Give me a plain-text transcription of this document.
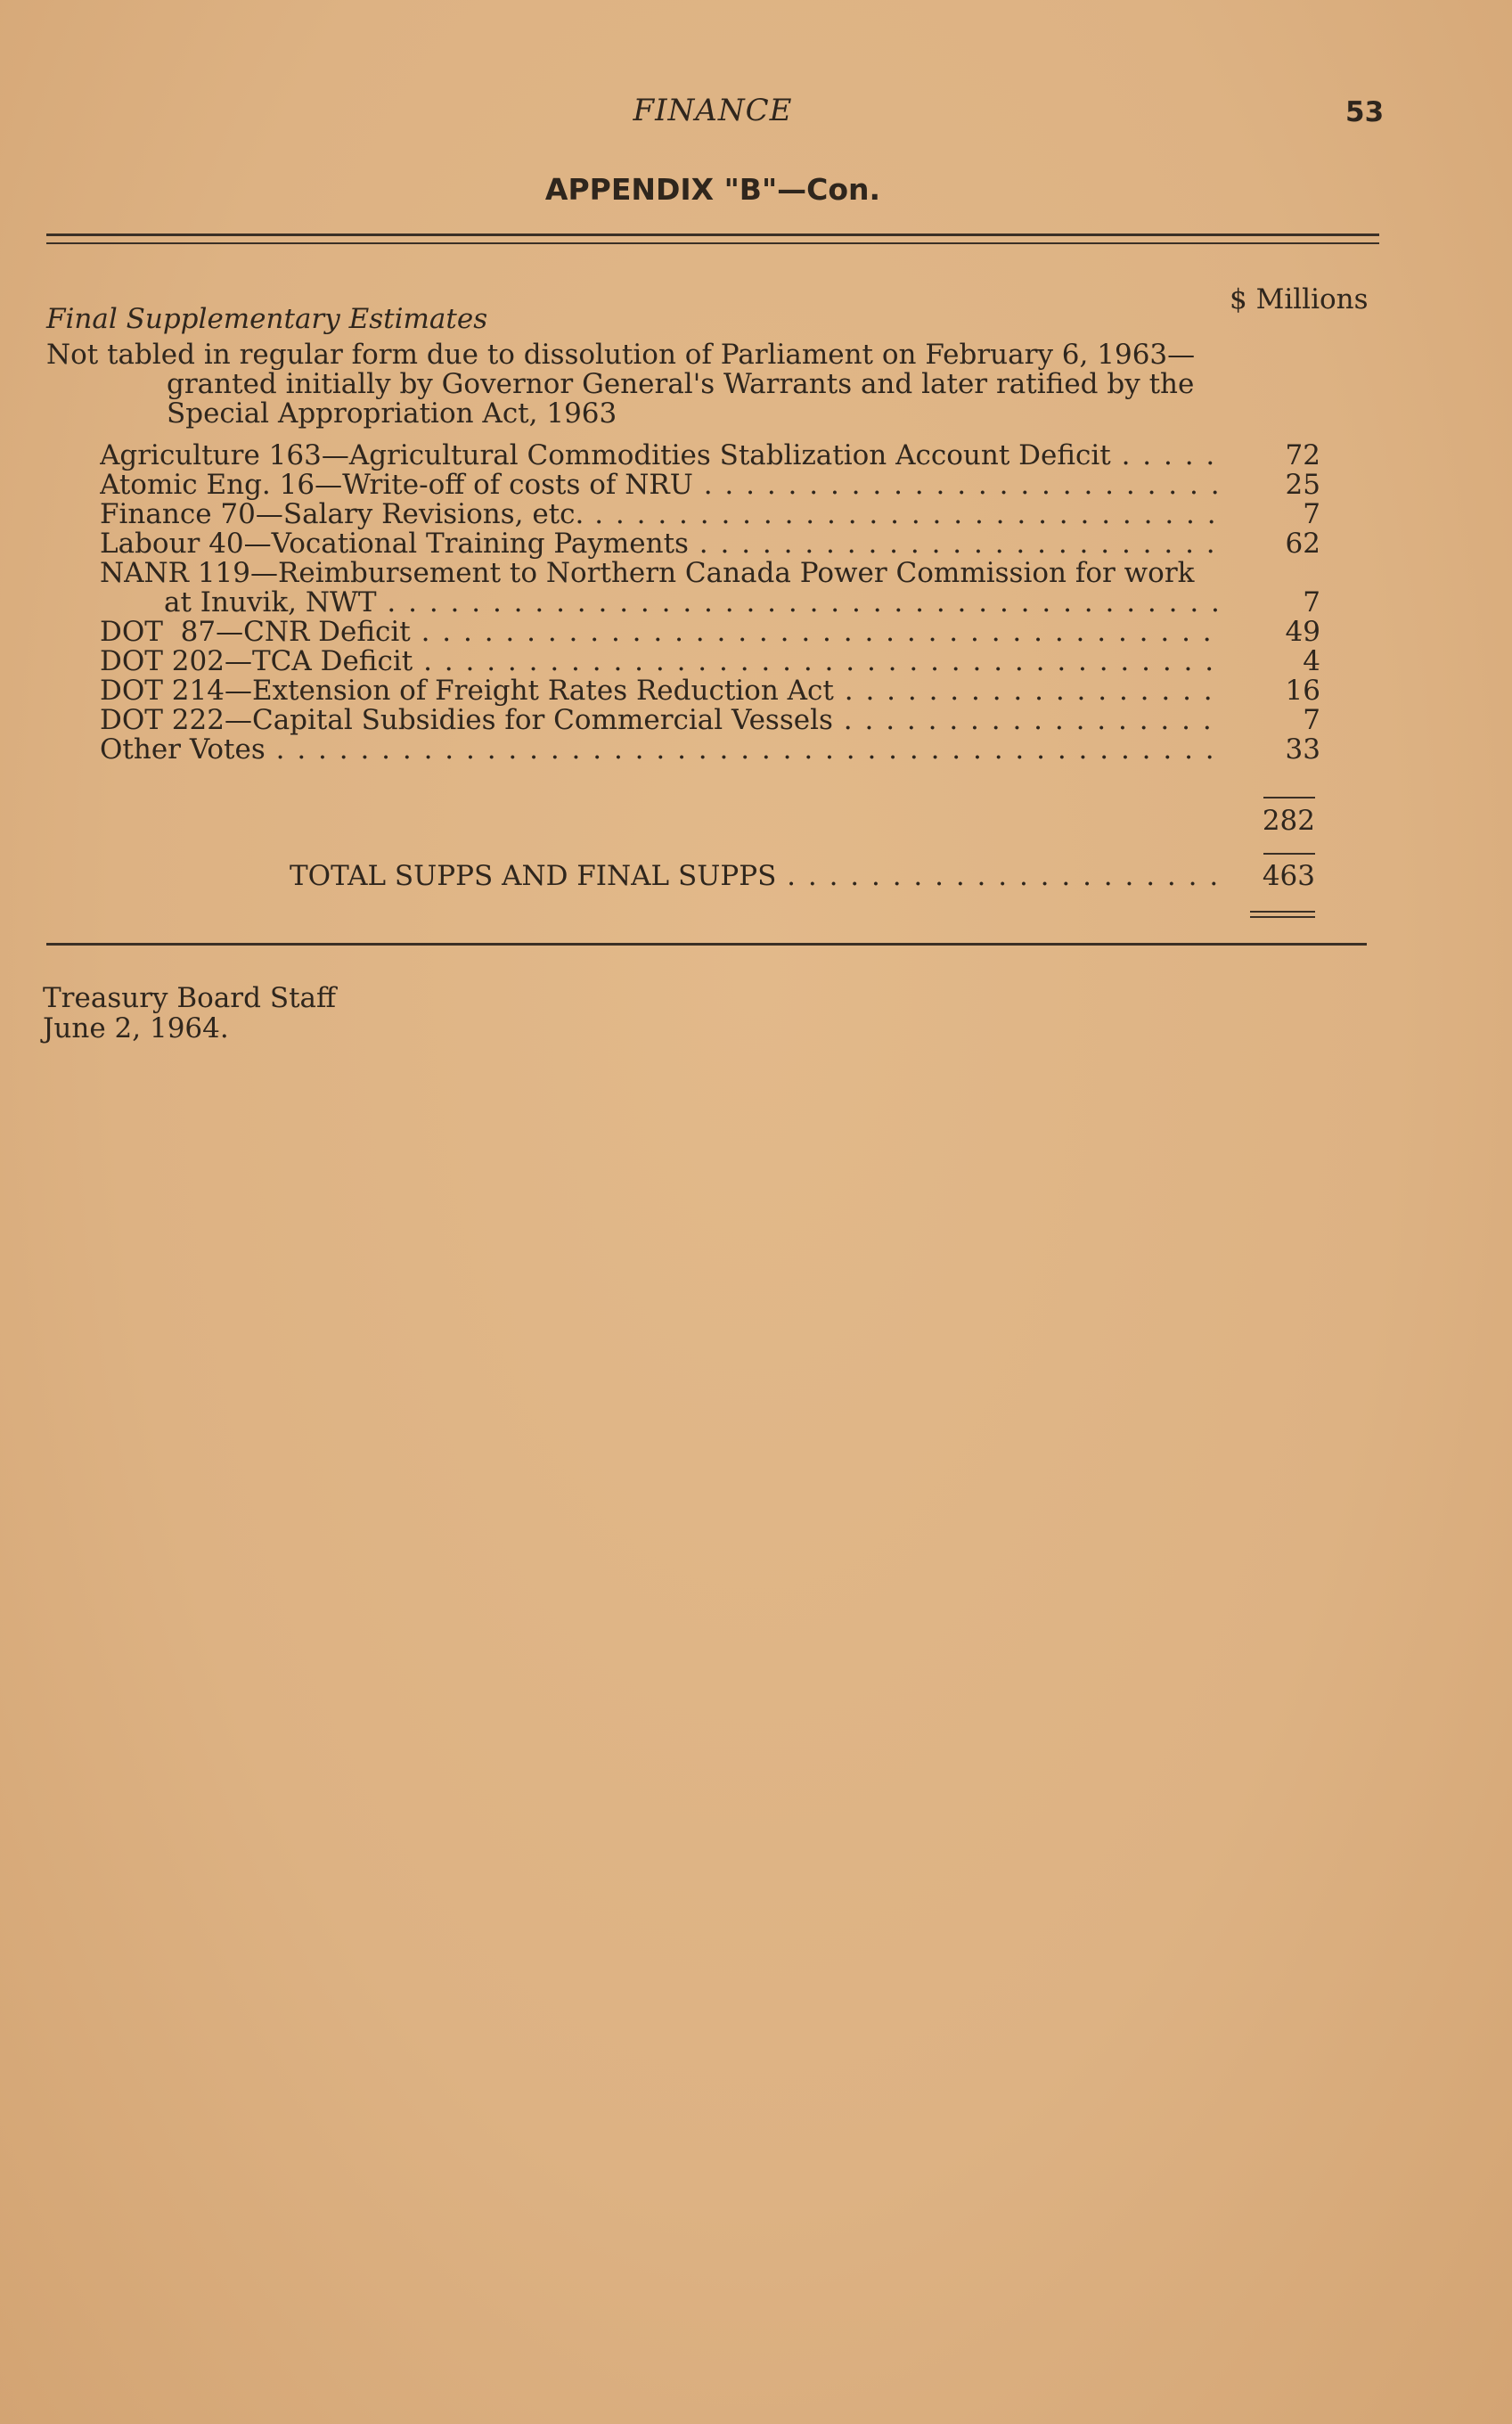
FINANCE	53
APPENDIX "B"—Con.
$ Millions
Final Supplementary Estimates
Not tabled in regular form due to dissolution of Parliament on February 6, 1963—
granted initially by Governor General's Warrants and later ratified by the
Special Appropriation Act, 1963
Agriculture 163—Agricultural Commodities Stablization Account Deficit . . .	72
Atomic Eng. 16—Write-off of costs of NRU . . .	25
Finance 70—Salary Revisions, etc. . . .	7
Labour 40—Vocational Training Payments . . .	62
NANR 119—Reimbursement to Northern Canada Power Commission for work
at Inuvik, NWT . . .	7
DOT  87—CNR Deficit . . .	49
DOT 202—TCA Deficit . . .	4
DOT 214—Extension of Freight Rates Reduction Act . . .	16
DOT 222—Capital Subsidies for Commercial Vessels . . .	7
Other Votes . . .	33
282
TOTAL SUPPS AND FINAL SUPPS . . .	463
Treasury Board Staff
June 2, 1964.
